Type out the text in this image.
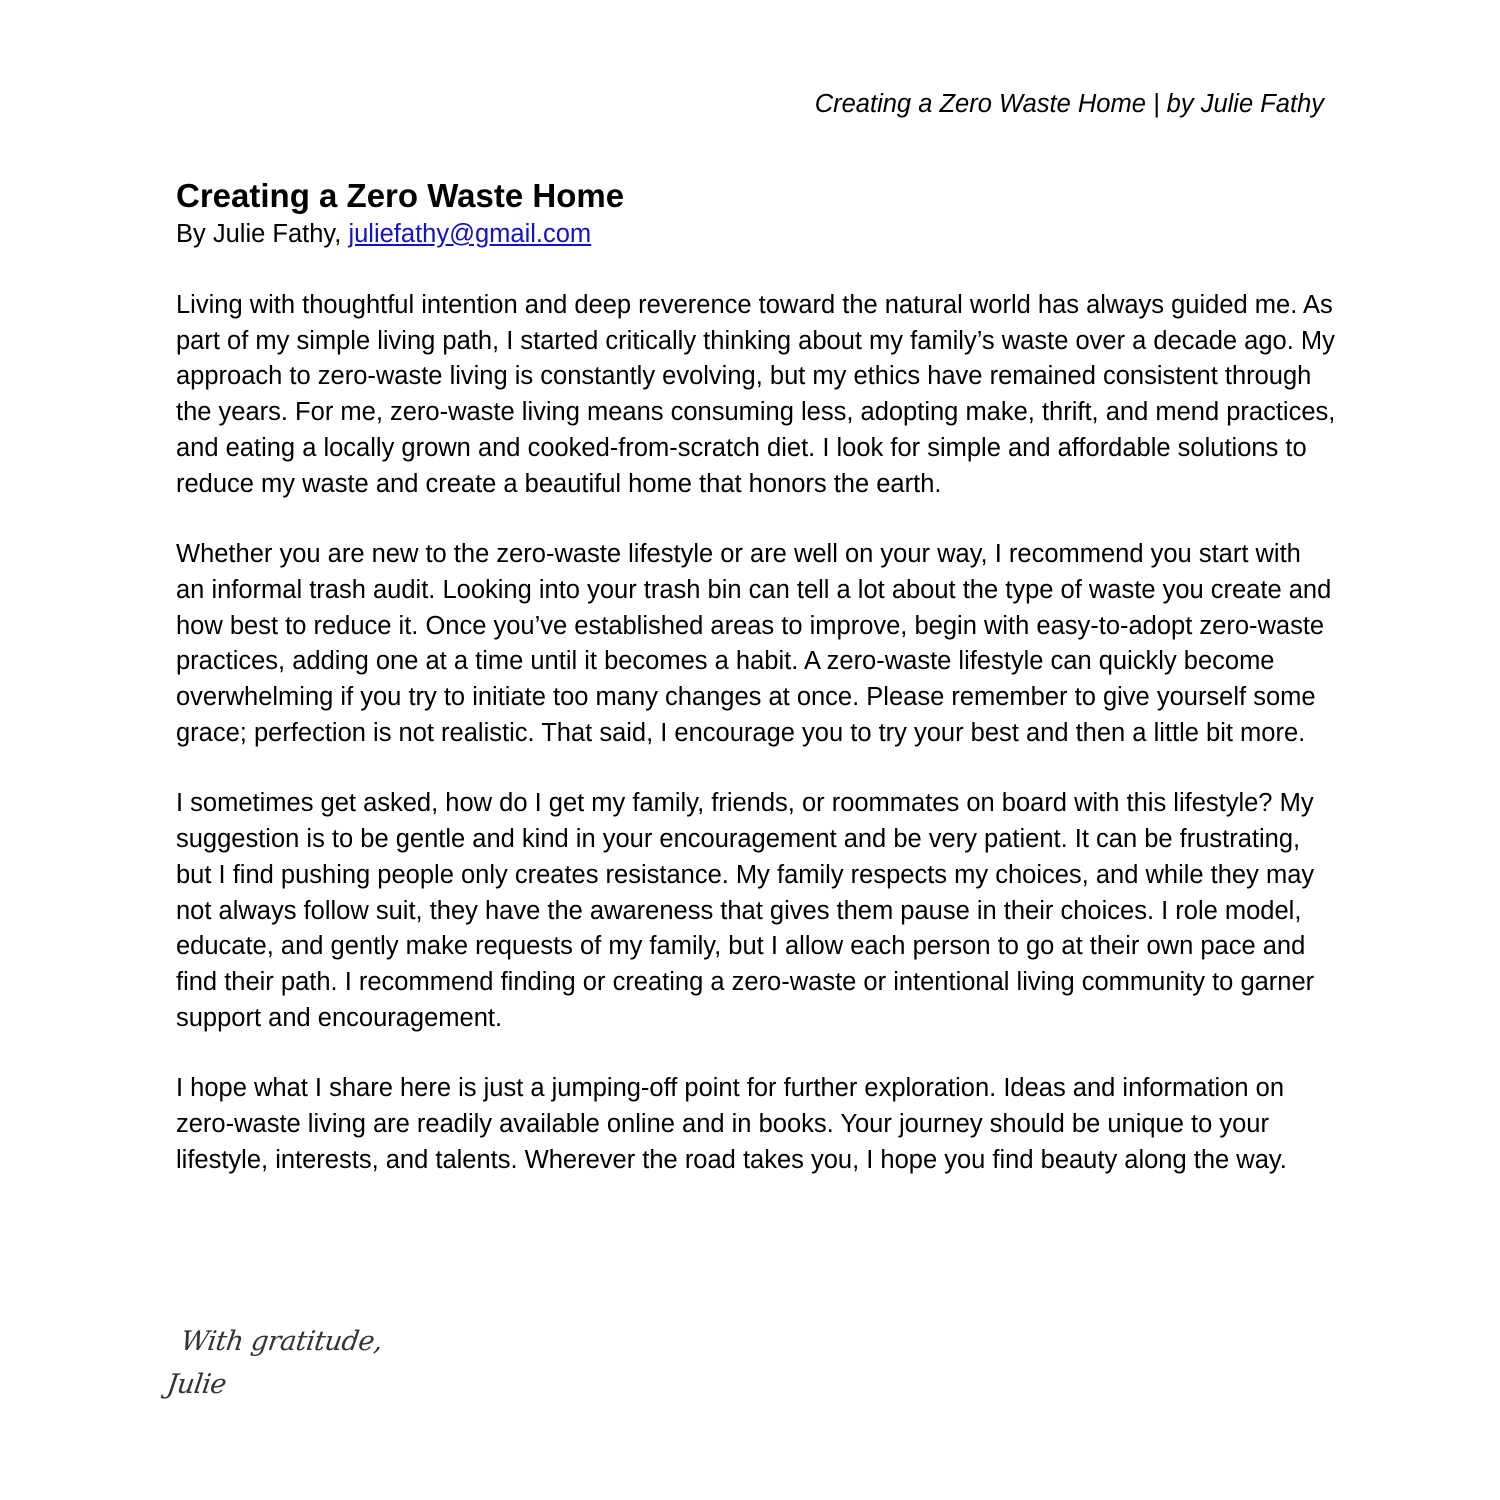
Creating a Zero Waste Home | by Julie Fathy
Creating a Zero Waste Home

By Julie Fathy, juliefathy@gmail.com

Living with thoughtful intention and deep reverence toward the natural world has always guided me. As part of my simple living path, I started critically thinking about my family’s waste over a decade ago. My approach to zero-waste living is constantly evolving, but my ethics have remained consistent through the years. For me, zero-waste living means consuming less, adopting make, thrift, and mend practices, and eating a locally grown and cooked-from-scratch diet. I look for simple and affordable solutions to reduce my waste and create a beautiful home that honors the earth.

Whether you are new to the zero-waste lifestyle or are well on your way, I recommend you start with an informal trash audit. Looking into your trash bin can tell a lot about the type of waste you create and how best to reduce it. Once you’ve established areas to improve, begin with easy-to-adopt zero-waste practices, adding one at a time until it becomes a habit. A zero-waste lifestyle can quickly become overwhelming if you try to initiate too many changes at once. Please remember to give yourself some grace; perfection is not realistic. That said, I encourage you to try your best and then a little bit more.

I sometimes get asked, how do I get my family, friends, or roommates on board with this lifestyle? My suggestion is to be gentle and kind in your encouragement and be very patient. It can be frustrating, but I find pushing people only creates resistance. My family respects my choices, and while they may not always follow suit, they have the awareness that gives them pause in their choices. I role model, educate, and gently make requests of my family, but I allow each person to go at their own pace and find their path. I recommend finding or creating a zero-waste or intentional living community to garner support and encouragement.

I hope what I share here is just a jumping-off point for further exploration. Ideas and information on zero-waste living are readily available online and in books. Your journey should be unique to your lifestyle, interests, and talents. Wherever the road takes you, I hope you find beauty along the way.

With gratitude,
Julie
